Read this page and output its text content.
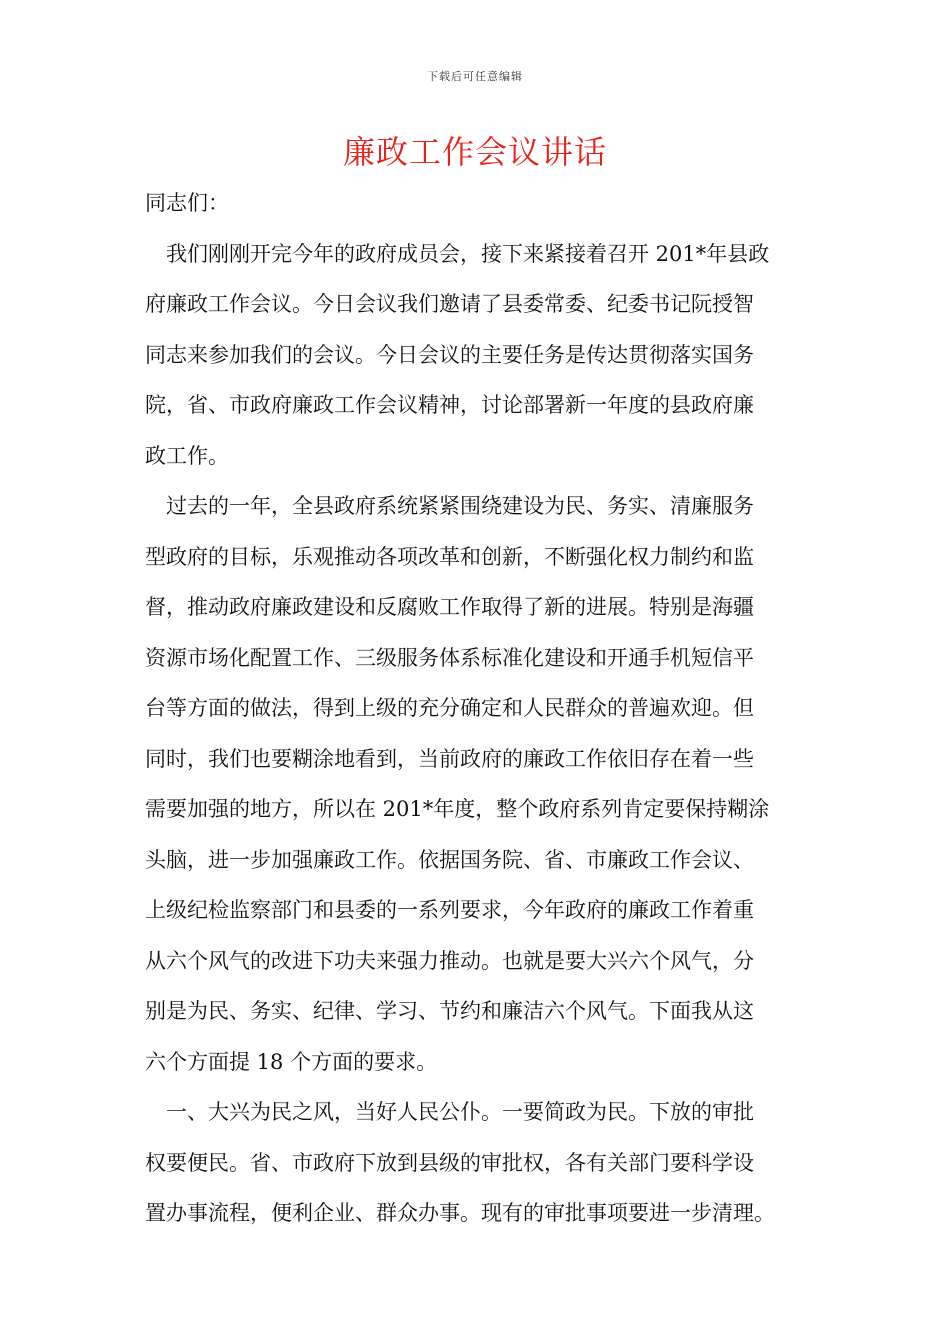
下载后可任意编辑
廉政工作会议讲话

同志们：

我们刚刚开完今年的政府成员会，接下来紧接着召开 201*年县政
府廉政工作会议。今日会议我们邀请了县委常委、纪委书记阮授智
同志来参加我们的会议。今日会议的主要任务是传达贯彻落实国务
院，省、市政府廉政工作会议精神，讨论部署新一年度的县政府廉
政工作。

过去的一年，全县政府系统紧紧围绕建设为民、务实、清廉服务
型政府的目标，乐观推动各项改革和创新，不断强化权力制约和监
督，推动政府廉政建设和反腐败工作取得了新的进展。特别是海疆
资源市场化配置工作、三级服务体系标准化建设和开通手机短信平
台等方面的做法，得到上级的充分确定和人民群众的普遍欢迎。但
同时，我们也要糊涂地看到，当前政府的廉政工作依旧存在着一些
需要加强的地方，所以在 201*年度，整个政府系列肯定要保持糊涂
头脑，进一步加强廉政工作。依据国务院、省、市廉政工作会议、
上级纪检监察部门和县委的一系列要求，今年政府的廉政工作着重
从六个风气的改进下功夫来强力推动。也就是要大兴六个风气，分
别是为民、务实、纪律、学习、节约和廉洁六个风气。下面我从这
六个方面提 18 个方面的要求。

一、大兴为民之风，当好人民公仆。一要简政为民。下放的审批
权要便民。省、市政府下放到县级的审批权，各有关部门要科学设
置办事流程，便利企业、群众办事。现有的审批事项要进一步清理。
